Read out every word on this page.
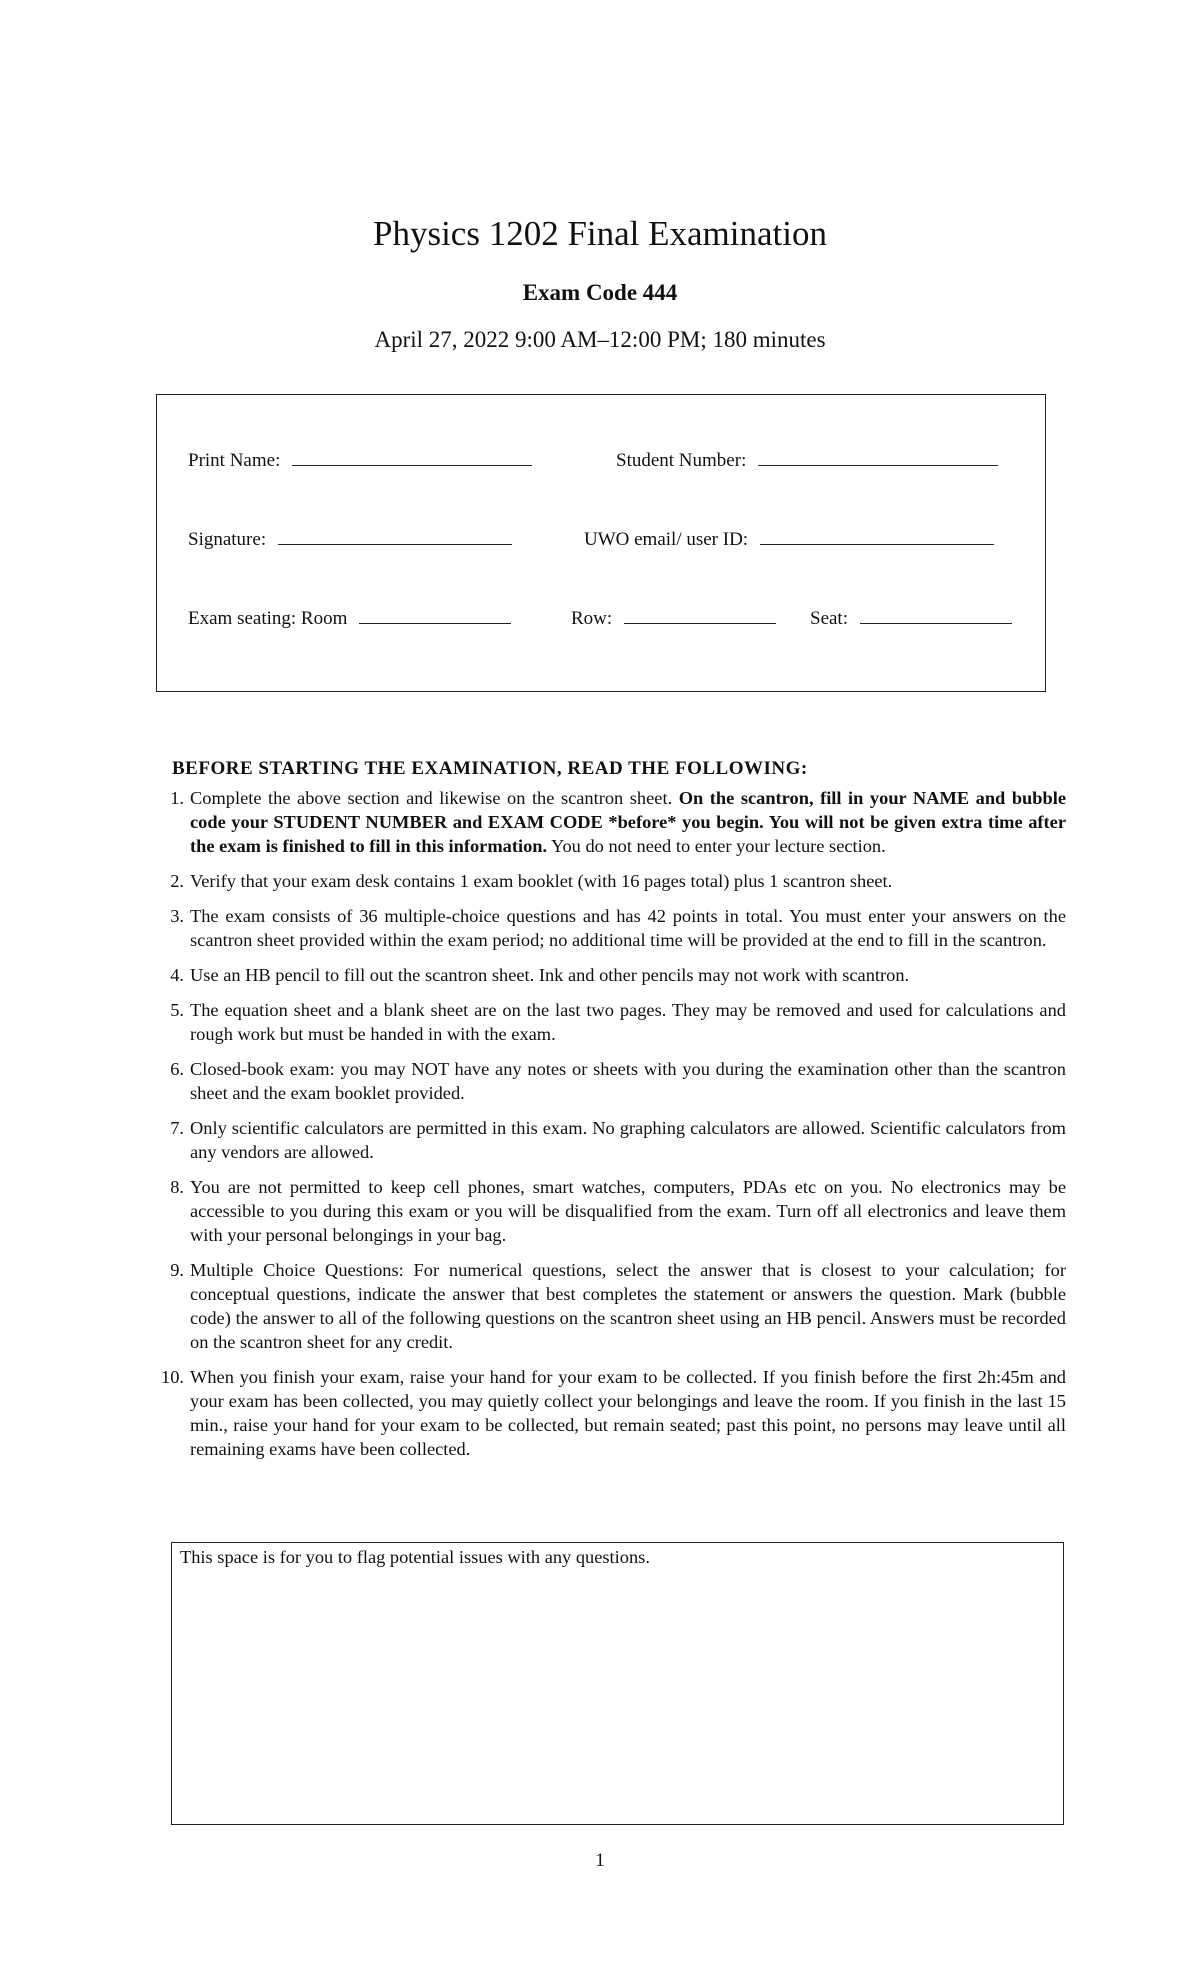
Physics 1202 Final Examination
Exam Code 444
April 27, 2022 9:00 AM–12:00 PM; 180 minutes
Print Name:	Student Number:
Signature:	UWO email/ user ID:
Exam seating: Room	Row:	Seat:
BEFORE STARTING THE EXAMINATION, READ THE FOLLOWING:
1. Complete the above section and likewise on the scantron sheet. On the scantron, fill in your NAME and bubble code your STUDENT NUMBER and EXAM CODE *before* you begin. You will not be given extra time after the exam is finished to fill in this information. You do not need to enter your lecture section.
2. Verify that your exam desk contains 1 exam booklet (with 16 pages total) plus 1 scantron sheet.
3. The exam consists of 36 multiple-choice questions and has 42 points in total. You must enter your answers on the scantron sheet provided within the exam period; no additional time will be provided at the end to fill in the scantron.
4. Use an HB pencil to fill out the scantron sheet. Ink and other pencils may not work with scantron.
5. The equation sheet and a blank sheet are on the last two pages. They may be removed and used for calculations and rough work but must be handed in with the exam.
6. Closed-book exam: you may NOT have any notes or sheets with you during the examination other than the scantron sheet and the exam booklet provided.
7. Only scientific calculators are permitted in this exam. No graphing calculators are allowed. Scientific calculators from any vendors are allowed.
8. You are not permitted to keep cell phones, smart watches, computers, PDAs etc on you. No electronics may be accessible to you during this exam or you will be disqualified from the exam. Turn off all electronics and leave them with your personal belongings in your bag.
9. Multiple Choice Questions: For numerical questions, select the answer that is closest to your calculation; for conceptual questions, indicate the answer that best completes the statement or answers the question. Mark (bubble code) the answer to all of the following questions on the scantron sheet using an HB pencil. Answers must be recorded on the scantron sheet for any credit.
10. When you finish your exam, raise your hand for your exam to be collected. If you finish before the first 2h:45m and your exam has been collected, you may quietly collect your belongings and leave the room. If you finish in the last 15 min., raise your hand for your exam to be collected, but remain seated; past this point, no persons may leave until all remaining exams have been collected.
This space is for you to flag potential issues with any questions.
1
